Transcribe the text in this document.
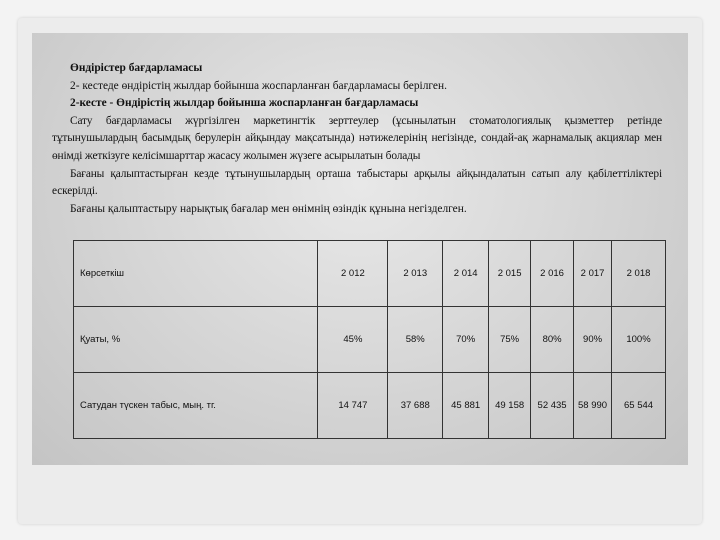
Өндірістер бағдарламасы
2- кестеде өндірістің жылдар бойынша жоспарланған бағдарламасы берілген.
2-кесте - Өндірістің жылдар бойынша жоспарланған бағдарламасы
Сату бағдарламасы жүргізілген маркетингтік зерттеулер (ұсынылатын стоматологиялық қызметтер ретінде тұтынушылардың басымдық берулерін айқындау мақсатында) нәтижелерінің негізінде, сондай-ақ жарнамалық акциялар мен өнімді жеткізуге келісімшарттар жасасу жолымен жүзеге асырылатын болады
Бағаны қалыптастырған кезде тұтынушылардың орташа табыстары арқылы айқындалатын сатып алу қабілеттіліктері ескерілді.
Бағаны қалыптастыру нарықтық бағалар мен өнімнің өзіндік құнына негізделген.
Көрсеткіш	2 012	2 013	2 014	2 015	2 016	2 017	2 018
Қуаты, %	45%	58%	70%	75%	80%	90%	100%
Сатудан түскен табыс, мың. тг.	14 747	37 688	45 881	49 158	52 435	58 990	65 544
